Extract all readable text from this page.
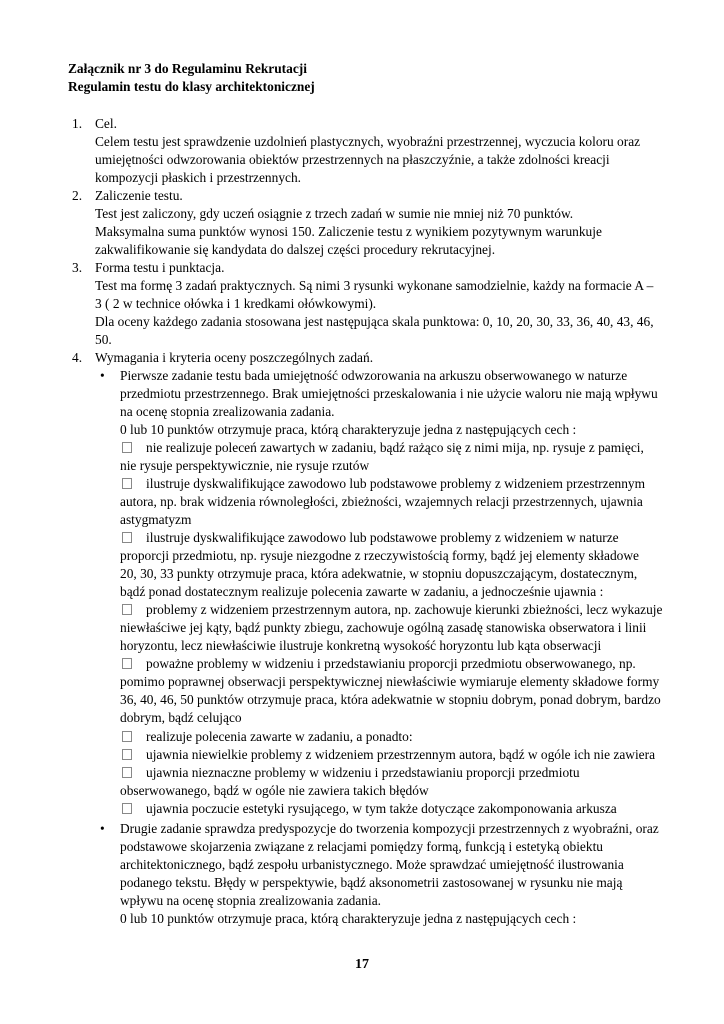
Załącznik nr 3 do Regulaminu Rekrutacji
Regulamin testu do klasy architektonicznej
1. Cel.
Celem testu jest sprawdzenie uzdolnień plastycznych, wyobraźni przestrzennej, wyczucia koloru oraz
umiejętności odwzorowania obiektów przestrzennych na płaszczyźnie, a także zdolności kreacji
kompozycji płaskich i przestrzennych.
2. Zaliczenie testu.
Test jest zaliczony, gdy uczeń osiągnie z trzech zadań w sumie nie mniej niż 70 punktów.
Maksymalna suma punktów wynosi 150. Zaliczenie testu z wynikiem pozytywnym warunkuje
zakwalifikowanie się kandydata do dalszej części procedury rekrutacyjnej.
3. Forma testu i punktacja.
Test ma formę 3 zadań praktycznych. Są nimi 3 rysunki wykonane samodzielnie, każdy na formacie A –
3 ( 2 w technice ołówka i 1 kredkami ołówkowymi).
Dla oceny każdego zadania stosowana jest następująca skala punktowa: 0, 10, 20, 30, 33, 36, 40, 43, 46,
50.
4. Wymagania i kryteria oceny poszczególnych zadań.
• Pierwsze zadanie testu bada umiejętność odwzorowania na arkuszu obserwowanego w naturze
przedmiotu przestrzennego. Brak umiejętności przeskalowania i nie użycie waloru nie mają wpływu
na ocenę stopnia zrealizowania zadania.
0 lub 10 punktów otrzymuje praca, którą charakteryzuje jedna z następujących cech :
nie realizuje poleceń zawartych w zadaniu, bądź rażąco się z nimi mija, np. rysuje z pamięci,
nie rysuje perspektywicznie, nie rysuje rzutów
ilustruje dyskwalifikujące zawodowo lub podstawowe problemy z widzeniem przestrzennym
autora, np. brak widzenia równoległości, zbieżności, wzajemnych relacji przestrzennych, ujawnia
astygmatyzm
ilustruje dyskwalifikujące zawodowo lub podstawowe problemy z widzeniem w naturze
proporcji przedmiotu, np. rysuje niezgodne z rzeczywistością formy, bądź jej elementy składowe
20, 30, 33 punkty otrzymuje praca, która adekwatnie, w stopniu dopuszczającym, dostatecznym,
bądź ponad dostatecznym realizuje polecenia zawarte w zadaniu, a jednocześnie ujawnia :
problemy z widzeniem przestrzennym autora, np. zachowuje kierunki zbieżności, lecz wykazuje
niewłaściwe jej kąty, bądź punkty zbiegu, zachowuje ogólną zasadę stanowiska obserwatora i linii
horyzontu, lecz niewłaściwie ilustruje konkretną wysokość horyzontu lub kąta obserwacji
poważne problemy w widzeniu i przedstawianiu proporcji przedmiotu obserwowanego, np.
pomimo poprawnej obserwacji perspektywicznej niewłaściwie wymiaruje elementy składowe formy
36, 40, 46, 50 punktów otrzymuje praca, która adekwatnie w stopniu dobrym, ponad dobrym, bardzo
dobrym, bądź celująco
realizuje polecenia zawarte w zadaniu, a ponadto:
ujawnia niewielkie problemy z widzeniem przestrzennym autora, bądź w ogóle ich nie zawiera
ujawnia nieznaczne problemy w widzeniu i przedstawianiu proporcji przedmiotu
obserwowanego, bądź w ogóle nie zawiera takich błędów
ujawnia poczucie estetyki rysującego, w tym także dotyczące zakomponowania arkusza
• Drugie zadanie sprawdza predyspozycje do tworzenia kompozycji przestrzennych z wyobraźni, oraz
podstawowe skojarzenia związane z relacjami pomiędzy formą, funkcją i estetyką obiektu
architektonicznego, bądź zespołu urbanistycznego. Może sprawdzać umiejętność ilustrowania
podanego tekstu. Błędy w perspektywie, bądź aksonometrii zastosowanej w rysunku nie mają
wpływu na ocenę stopnia zrealizowania zadania.
0 lub 10 punktów otrzymuje praca, którą charakteryzuje jedna z następujących cech :
17
